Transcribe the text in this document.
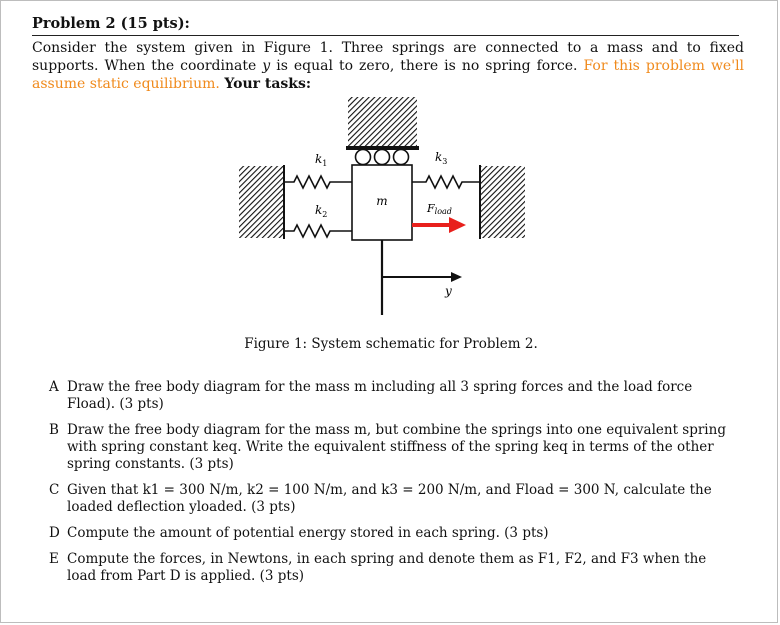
Problem 2 (15 pts):
Consider the system given in Figure 1. Three springs are connected to a mass and to fixed supports. When the coordinate y is equal to zero, there is no spring force. For this problem we'll assume static equilibrium. Your tasks:
m
$k_1$
$k_2$
$k_3$
Fload
y
Figure 1: System schematic for Problem 2.
A Draw the free body diagram for the mass m including all 3 spring forces and the load force Fload). (3 pts)
B Draw the free body diagram for the mass m, but combine the springs into one equivalent spring with spring constant keq. Write the equivalent stiffness of the spring keq in terms of the other spring constants. (3 pts)
C Given that k1 = 300 N/m, k2 = 100 N/m, and k3 = 200 N/m, and Fload = 300 N, calculate the loaded deflection yloaded. (3 pts)
D Compute the amount of potential energy stored in each spring. (3 pts)
E Compute the forces, in Newtons, in each spring and denote them as F1, F2, and F3 when the load from Part D is applied. (3 pts)
